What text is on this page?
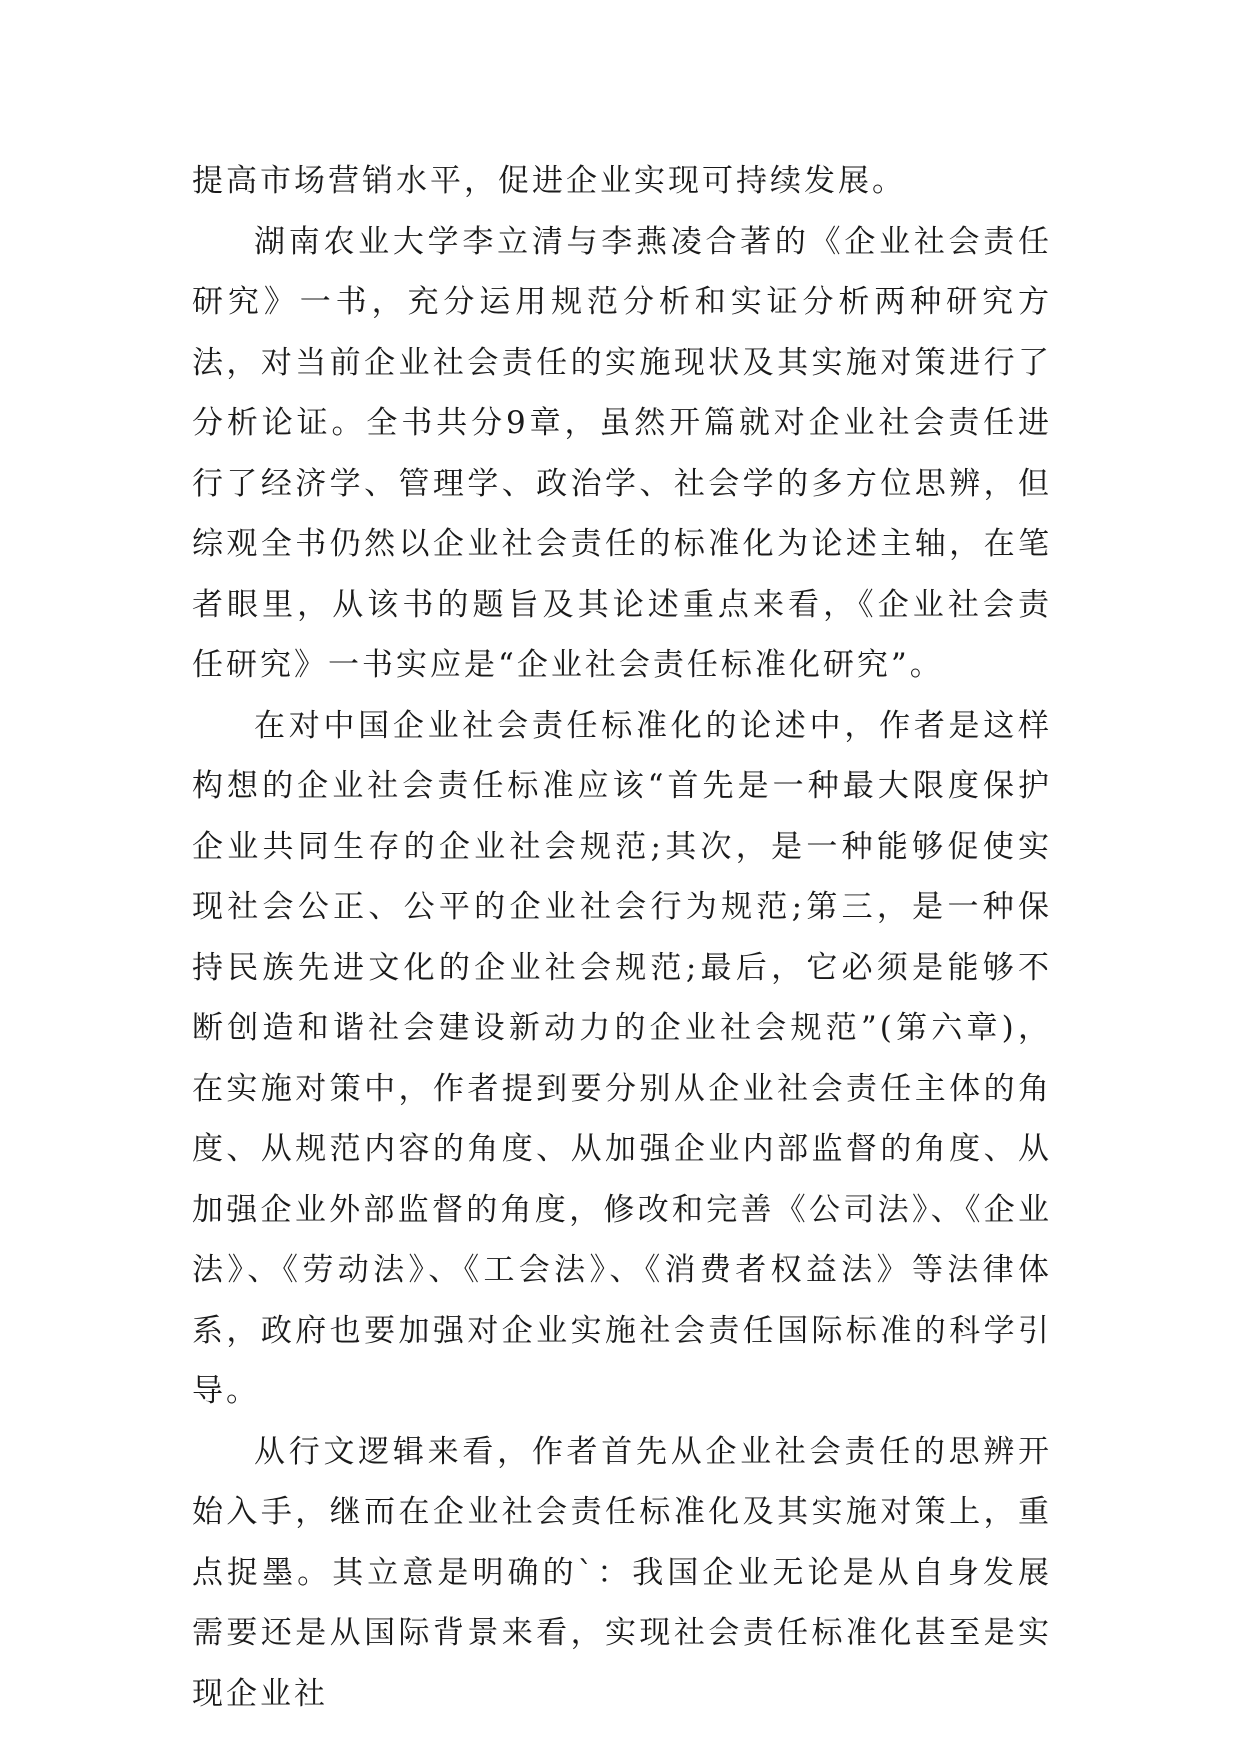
提高市场营销水平，促进企业实现可持续发展。

湖南农业大学李立清与李燕凌合著的《企业社会责任研究》一书，充分运用规范分析和实证分析两种研究方法，对当前企业社会责任的实施现状及其实施对策进行了分析论证。全书共分9章，虽然开篇就对企业社会责任进行了经济学、管理学、政治学、社会学的多方位思辨，但综观全书仍然以企业社会责任的标准化为论述主轴，在笔者眼里，从该书的题旨及其论述重点来看，《企业社会责任研究》一书实应是“企业社会责任标准化研究”。

在对中国企业社会责任标准化的论述中，作者是这样构想的企业社会责任标准应该“首先是一种最大限度保护企业共同生存的企业社会规范;其次，是一种能够促使实现社会公正、公平的企业社会行为规范;第三，是一种保持民族先进文化的企业社会规范;最后，它必须是能够不断创造和谐社会建设新动力的企业社会规范”(第六章)，在实施对策中，作者提到要分别从企业社会责任主体的角度、从规范内容的角度、从加强企业内部监督的角度、从加强企业外部监督的角度，修改和完善《公司法》、《企业法》、《劳动法》、《工会法》、《消费者权益法》等法律体系，政府也要加强对企业实施社会责任国际标准的科学引导。

从行文逻辑来看，作者首先从企业社会责任的思辨开始入手，继而在企业社会责任标准化及其实施对策上，重点捉墨。其立意是明确的`：我国企业无论是从自身发展需要还是从国际背景来看，实现社会责任标准化甚至是实现企业社
